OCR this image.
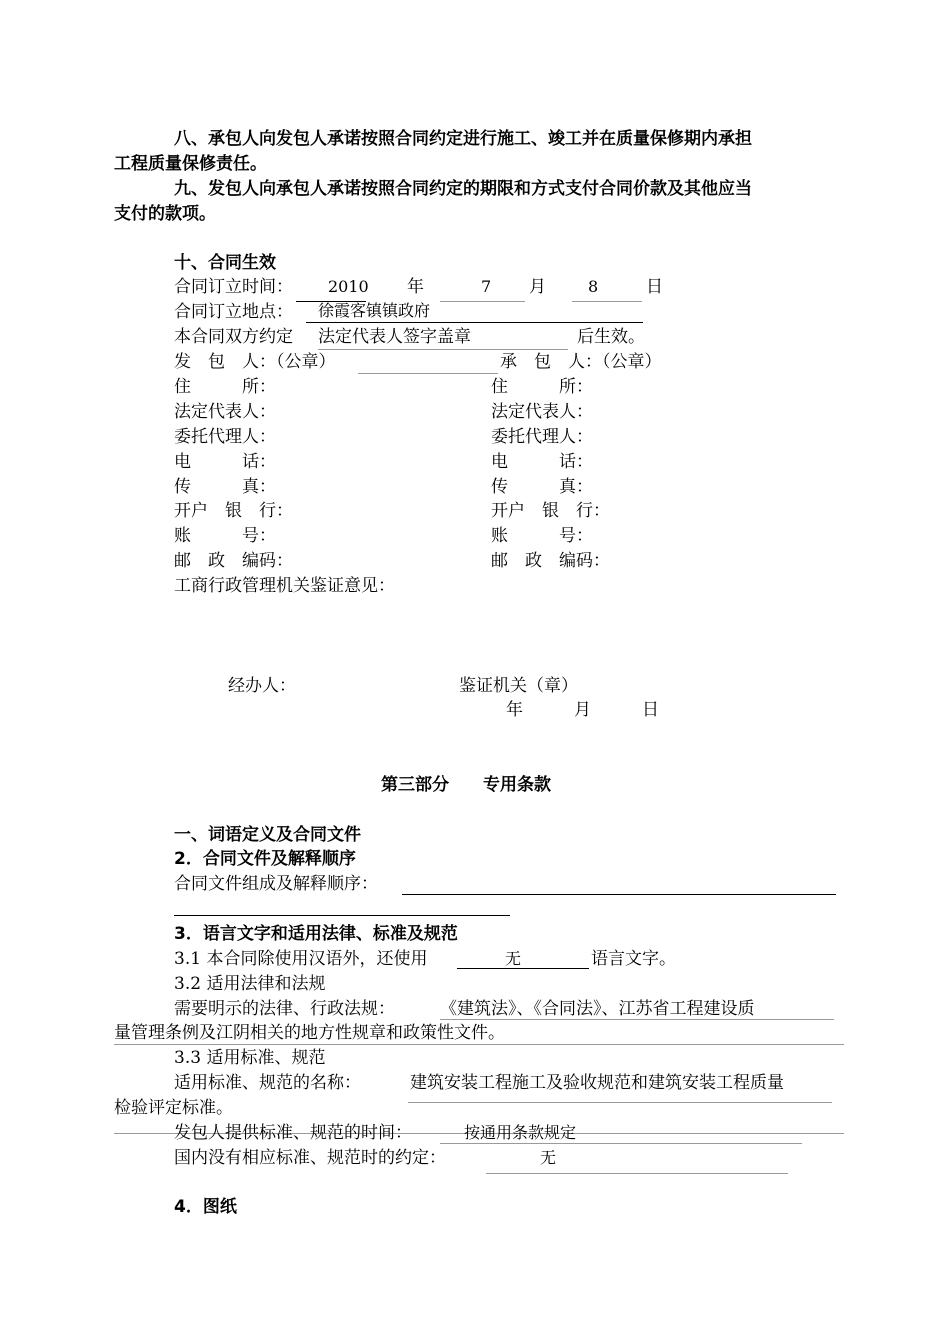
八、承包人向发包人承诺按照合同约定进行施工、竣工并在质量保修期内承担
工程质量保修责任。
九、发包人向承包人承诺按照合同约定的期限和方式支付合同价款及其他应当
支付的款项。
十、合同生效
合同订立时间： 2010 年	7 月	8	日
合同订立地点： 徐霞客镇镇政府
本合同双方约定 法定代表人签字盖章	后生效。
发　包　人：（公章）	承　包　人：（公章）
住　　　所：	住　　　所：
法定代表人：	法定代表人：
委托代理人：	委托代理人：
电　　　话：	电　　　话：
传　　　真：	传　　　真：
开户　银　行：	开户　银　行：
账　　　号：	账　　　号：
邮　政　编码：	邮　政　编码：
工商行政管理机关鉴证意见：
经办人：	鉴证机关（章）
年　　　月　　　日
第三部分　　专用条款
一、词语定义及合同文件
2．合同文件及解释顺序
合同文件组成及解释顺序：
3．语言文字和适用法律、标准及规范
3.1 本合同除使用汉语外，还使用	无	语言文字。
3.2 适用法律和法规
需要明示的法律、行政法规：	《建筑法》、《合同法》、江苏省工程建设质
量管理条例及江阴相关的地方性规章和政策性文件。
3.3 适用标准、规范
适用标准、规范的名称：	建筑安装工程施工及验收规范和建筑安装工程质量
检验评定标准。
发包人提供标准、规范的时间：	按通用条款规定
国内没有相应标准、规范时的约定：	无
4．图纸
